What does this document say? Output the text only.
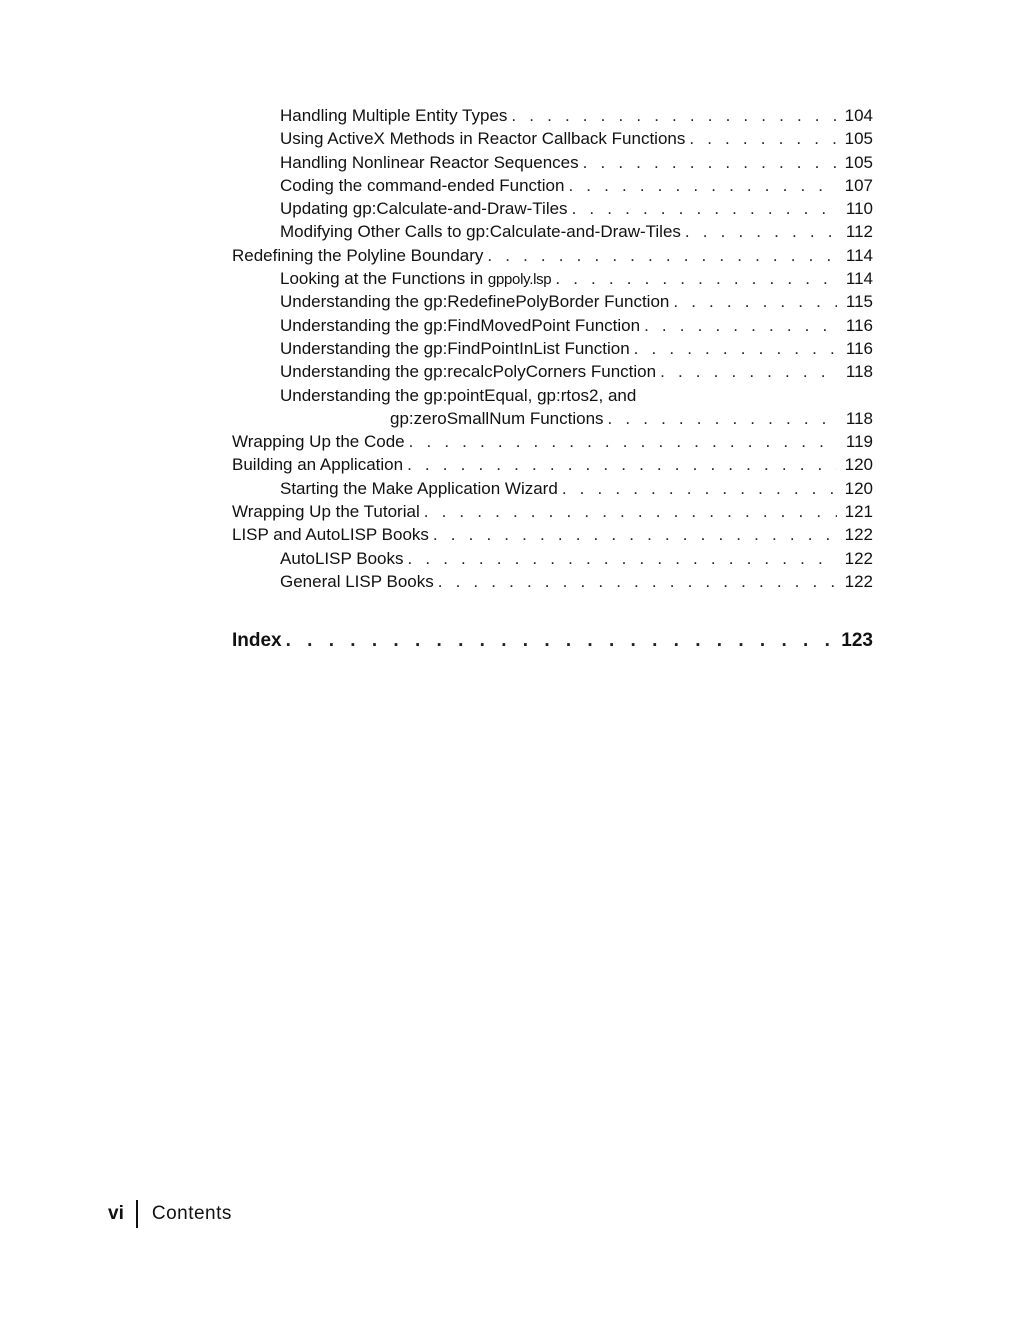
Handling Multiple Entity Types . . .	104
Using ActiveX Methods in Reactor Callback Functions . . .	105
Handling Nonlinear Reactor Sequences . . .	105
Coding the command-ended Function . . .	107
Updating gp:Calculate-and-Draw-Tiles . . .	110
Modifying Other Calls to gp:Calculate-and-Draw-Tiles . . .	112
Redefining the Polyline Boundary . . .	114
Looking at the Functions in gppoly.lsp . . .	114
Understanding the gp:RedefinePolyBorder Function . . .	115
Understanding the gp:FindMovedPoint Function . . .	116
Understanding the gp:FindPointInList Function . . .	116
Understanding the gp:recalcPolyCorners Function . . .	118
Understanding the gp:pointEqual, gp:rtos2, and
gp:zeroSmallNum Functions . . .	118
Wrapping Up the Code . . .	119
Building an Application . . .	120
Starting the Make Application Wizard . . .	120
Wrapping Up the Tutorial . . .	121
LISP and AutoLISP Books . . .	122
AutoLISP Books . . .	122
General LISP Books . . .	122
Index . . .	123
vi Contents
